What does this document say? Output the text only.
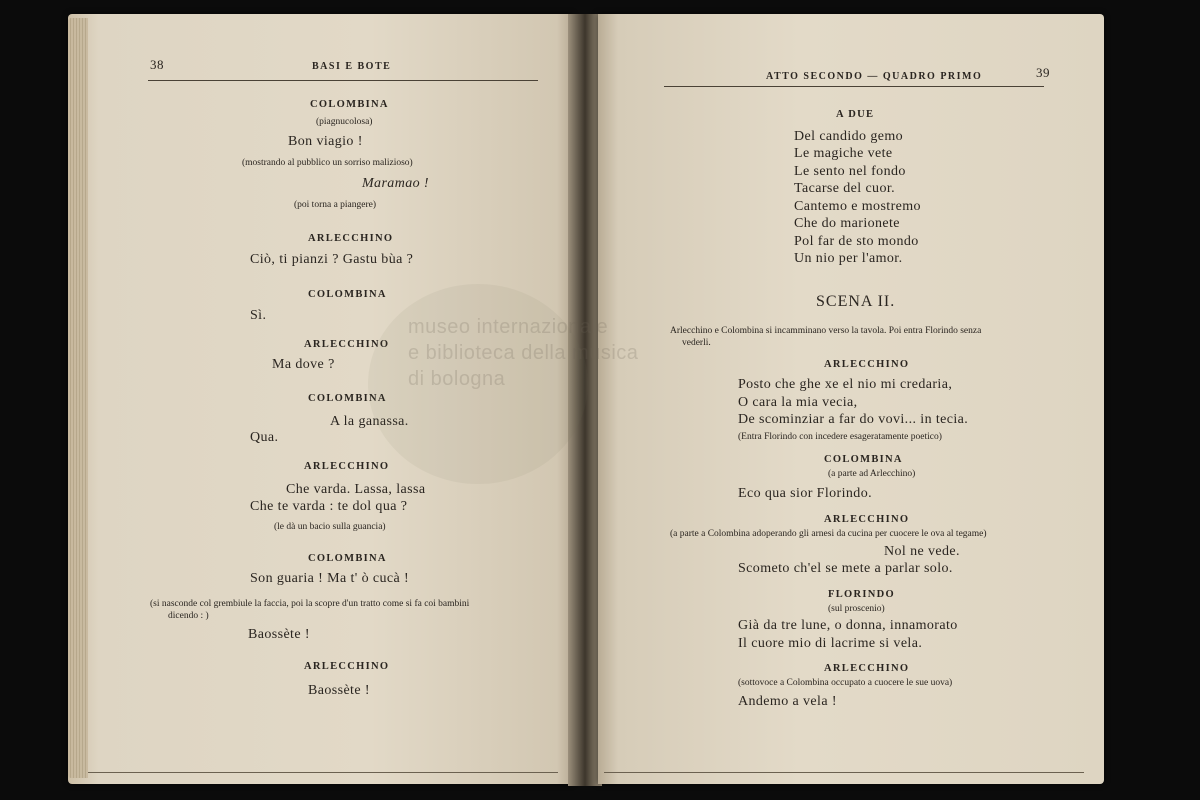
38	BASI E BOTE
COLOMBINA
(piagnucolosa)
Bon viagio !
(mostrando al pubblico un sorriso malizioso)
Maramao !
(poi torna a piangere)
ARLECCHINO
Ciò, ti pianzi ? Gastu bùa ?
COLOMBINA
Sì.
ARLECCHINO
Ma dove ?
COLOMBINA
A la ganassa.
Qua.
ARLECCHINO
Che varda. Lassa, lassa
Che te varda : te dol qua ?
(le dà un bacio sulla guancia)
COLOMBINA
Son guaria ! Ma t' ò cucà !
(si nasconde col grembiule la faccia, poi la scopre d'un tratto come si fa coi bambini
dicendo : )
Baossète !
ARLECCHINO
Baossète !
ATTO SECONDO — QUADRO PRIMO	39
A DUE
Del candido gemo
Le magiche vete
Le sento nel fondo
Tacarse del cuor.
Cantemo e mostremo
Che do marionete
Pol far de sto mondo
Un nio per l'amor.
SCENA II.
Arlecchino e Colombina si incamminano verso la tavola. Poi entra Florindo senza
vederli.
ARLECCHINO
Posto che ghe xe el nio mi credaria,
O cara la mia vecia,
De scominziar a far do vovi... in tecia.
(Entra Florindo con incedere esageratamente poetico)
COLOMBINA
(a parte ad Arlecchino)
Eco qua sior Florindo.
ARLECCHINO
(a parte a Colombina adoperando gli arnesi da cucina per cuocere le ova al tegame)
Nol ne vede.
Scometo ch'el se mete a parlar solo.
FLORINDO
(sul proscenio)
Già da tre lune, o donna, innamorato
Il cuore mio di lacrime si vela.
ARLECCHINO
(sottovoce a Colombina occupato a cuocere le sue uova)
Andemo a vela !
museo internazionale
e biblioteca della musica
di bologna
